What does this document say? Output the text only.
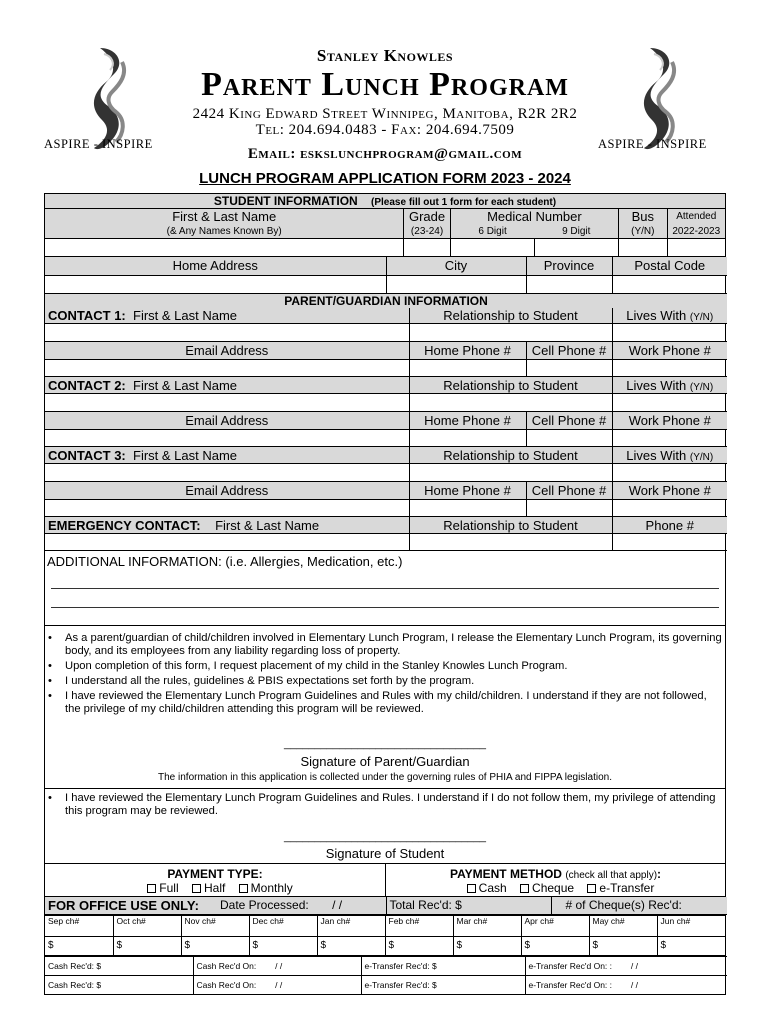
Stanley Knowles
Parent Lunch Program
2424 King Edward Street Winnipeg, Manitoba, R2R 2R2
Tel: 204.694.0483 - Fax: 204.694.7509
Email: eskslunchprogram@gmail.com
ASPIRE - INSPIRE	ASPIRE - INSPIRE
LUNCH PROGRAM APPLICATION FORM 2023 - 2024
STUDENT INFORMATION (Please fill out 1 form for each student)					
First & Last Name	Grade	Medical Number		Bus	Attended
(& Any Names Known By)	(23-24)	6 Digit	9 Digit	(Y/N)	2022-2023

Home Address	City	Province	Postal Code

PARENT/GUARDIAN INFORMATION			
CONTACT 1: First & Last Name	Relationship to Student		Lives With (Y/N)

Email Address	Home Phone #	Cell Phone #	Work Phone #

CONTACT 2: First & Last Name	Relationship to Student		Lives With (Y/N)

Email Address	Home Phone #	Cell Phone #	Work Phone #

CONTACT 3: First & Last Name	Relationship to Student		Lives With (Y/N)

Email Address	Home Phone #	Cell Phone #	Work Phone #

EMERGENCY CONTACT: First & Last Name	Relationship to Student		Phone #

ADDITIONAL INFORMATION: (i.e. Allergies, Medication, etc.)
• As a parent/guardian of child/children involved in Elementary Lunch Program, I release the Elementary Lunch Program, its governing body, and its employees from any liability regarding loss of property.
• Upon completion of this form, I request placement of my child in the Stanley Knowles Lunch Program.
• I understand all the rules, guidelines & PBIS expectations set forth by the program.
• I have reviewed the Elementary Lunch Program Guidelines and Rules with my child/children. I understand if they are not followed, the privilege of my child/children attending this program will be reviewed.
_________________________________
Signature of Parent/Guardian
The information in this application is collected under the governing rules of PHIA and FIPPA legislation.
• I have reviewed the Elementary Lunch Program Guidelines and Rules. I understand if I do not follow them, my privilege of attending this program may be reviewed.
_________________________________
Signature of Student
PAYMENT TYPE:
Full Half Monthly
PAYMENT METHOD (check all that apply):
Cash Cheque e-Transfer
FOR OFFICE USE ONLY:	Date Processed: / /	Total Rec'd: $	# of Cheque(s) Rec'd:
Sep ch#	Oct ch#	Nov ch#	Dec ch#	Jan ch#	Feb ch#	Mar ch#	Apr ch#	May ch#	Jun ch#
$	$	$	$	$	$	$	$	$	$
Cash Rec'd: $	Cash Rec'd On: / /	e-Transfer Rec'd: $	e-Transfer Rec'd On: : / /
Cash Rec'd: $	Cash Rec'd On: / /	e-Transfer Rec'd: $	e-Transfer Rec'd On: : / /
